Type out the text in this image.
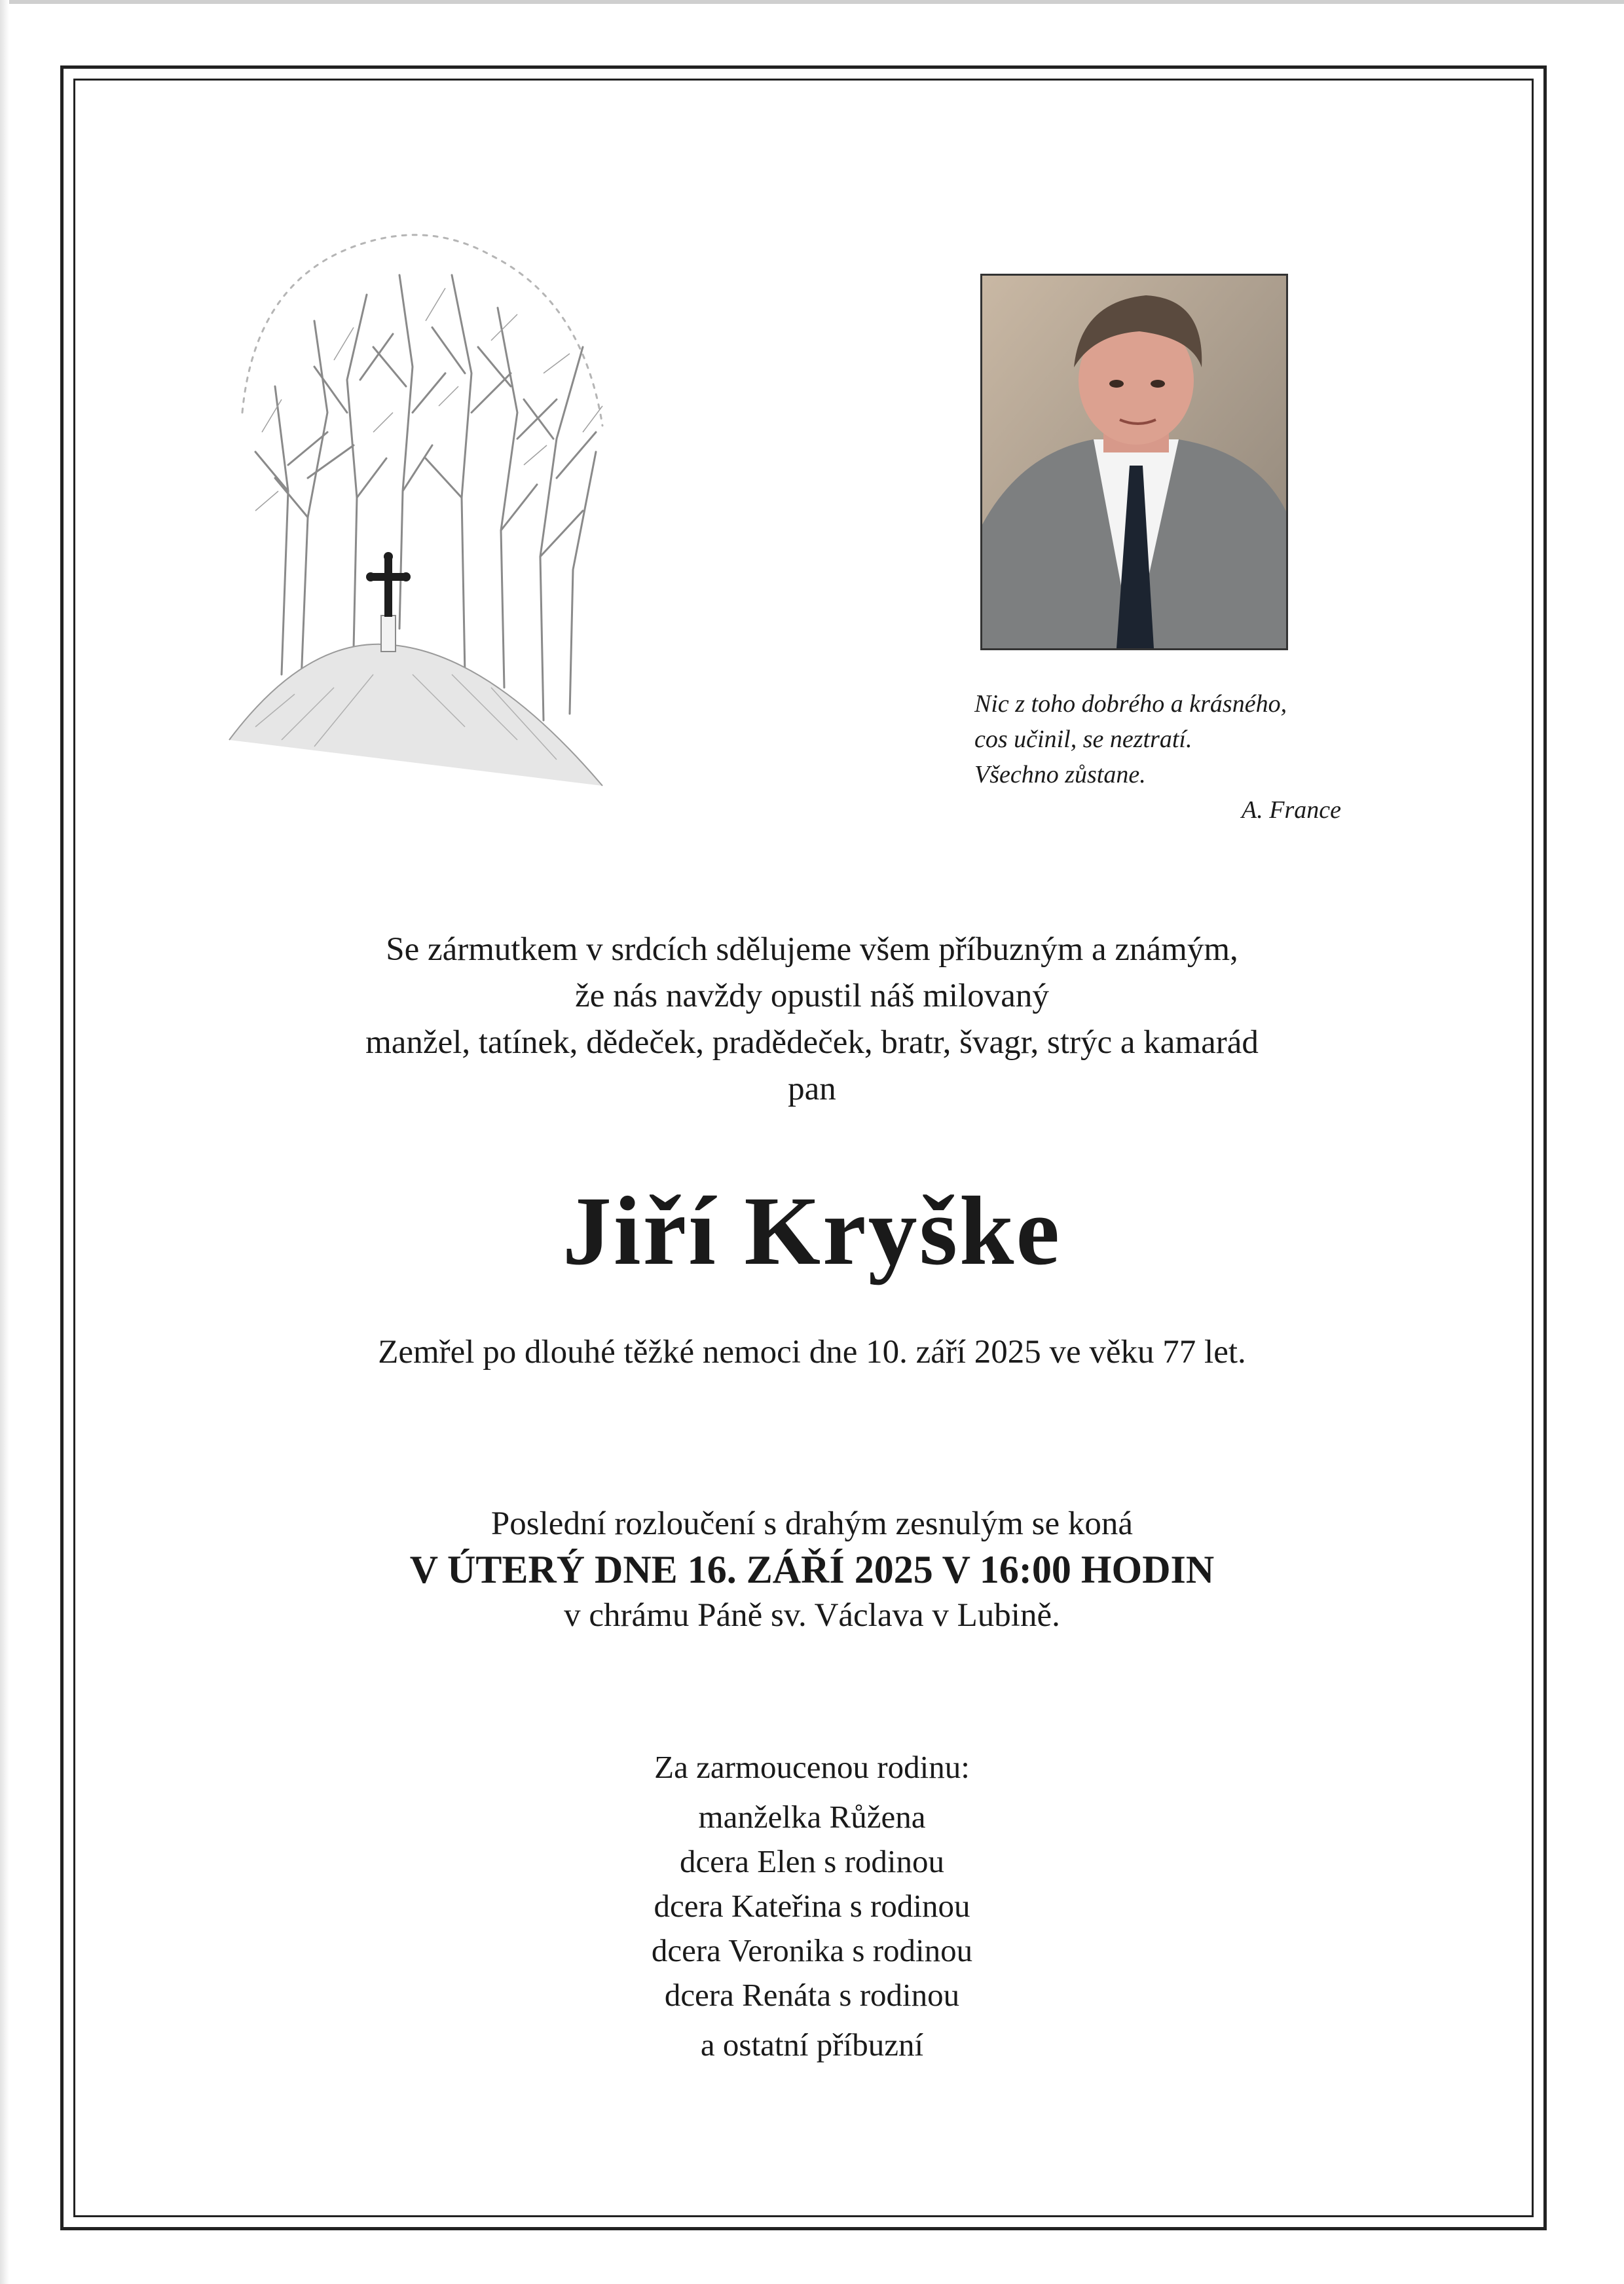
Nic z toho dobrého a krásného,
cos učinil, se neztratí.
Všechno zůstane.
A. France
Se zármutkem v srdcích sdělujeme všem příbuzným a známým,
že nás navždy opustil náš milovaný
manžel, tatínek, dědeček, pradědeček, bratr, švagr, strýc a kamarád
pan
Jiří Kryške
Zemřel po dlouhé těžké nemoci dne 10. září 2025 ve věku 77 let.
Poslední rozloučení s drahým zesnulým se koná
V ÚTERÝ DNE 16. ZÁŘÍ 2025 V 16:00 HODIN
v chrámu Páně sv. Václava v Lubině.
Za zarmoucenou rodinu:
manželka Růžena
dcera Elen s rodinou
dcera Kateřina s rodinou
dcera Veronika s rodinou
dcera Renáta s rodinou
a ostatní příbuzní
